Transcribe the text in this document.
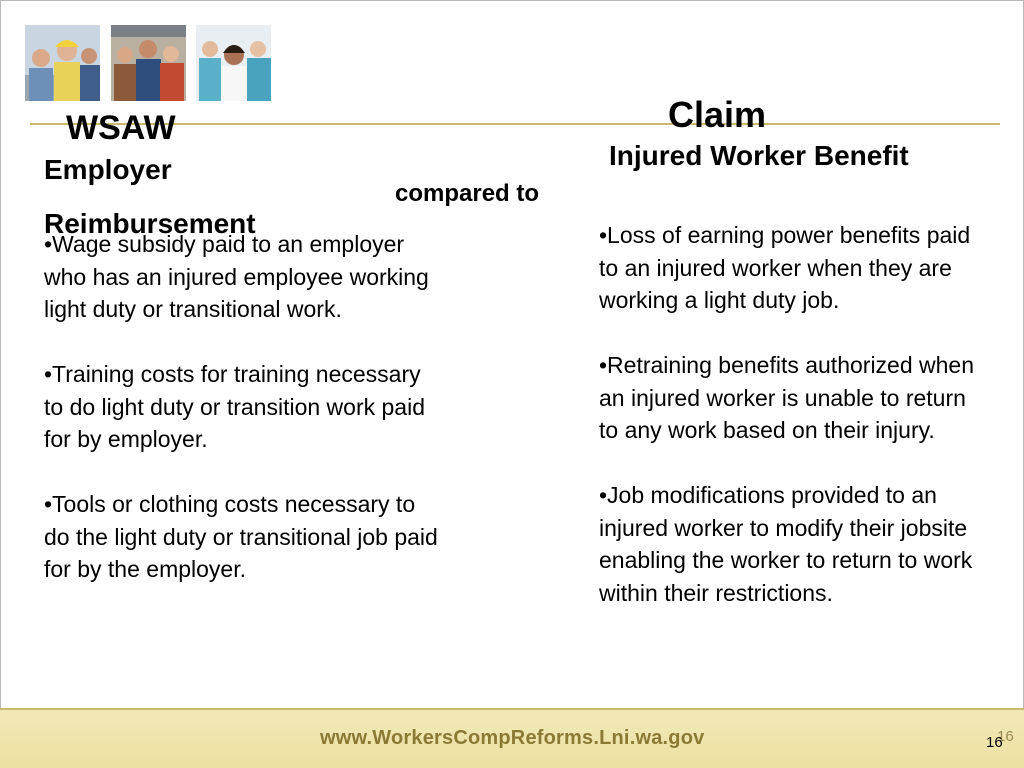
WSAW	Claim
Employer Reimbursement
compared to
Injured Worker Benefit

•Wage subsidy paid to an employer who has an injured employee working light duty or transitional work.

•Training costs for training necessary to do light duty or transition work paid for by employer.

•Tools or clothing costs necessary to do the light duty or transitional job paid for by the employer.

•Loss of earning power benefits paid to an injured worker when they are working a light duty job.

•Retraining benefits authorized when an injured worker is unable to return to any work based on their injury.

•Job modifications provided to an injured worker to modify their jobsite enabling the worker to return to work within their restrictions.

www.WorkersCompReforms.Lni.wa.gov	16
16
